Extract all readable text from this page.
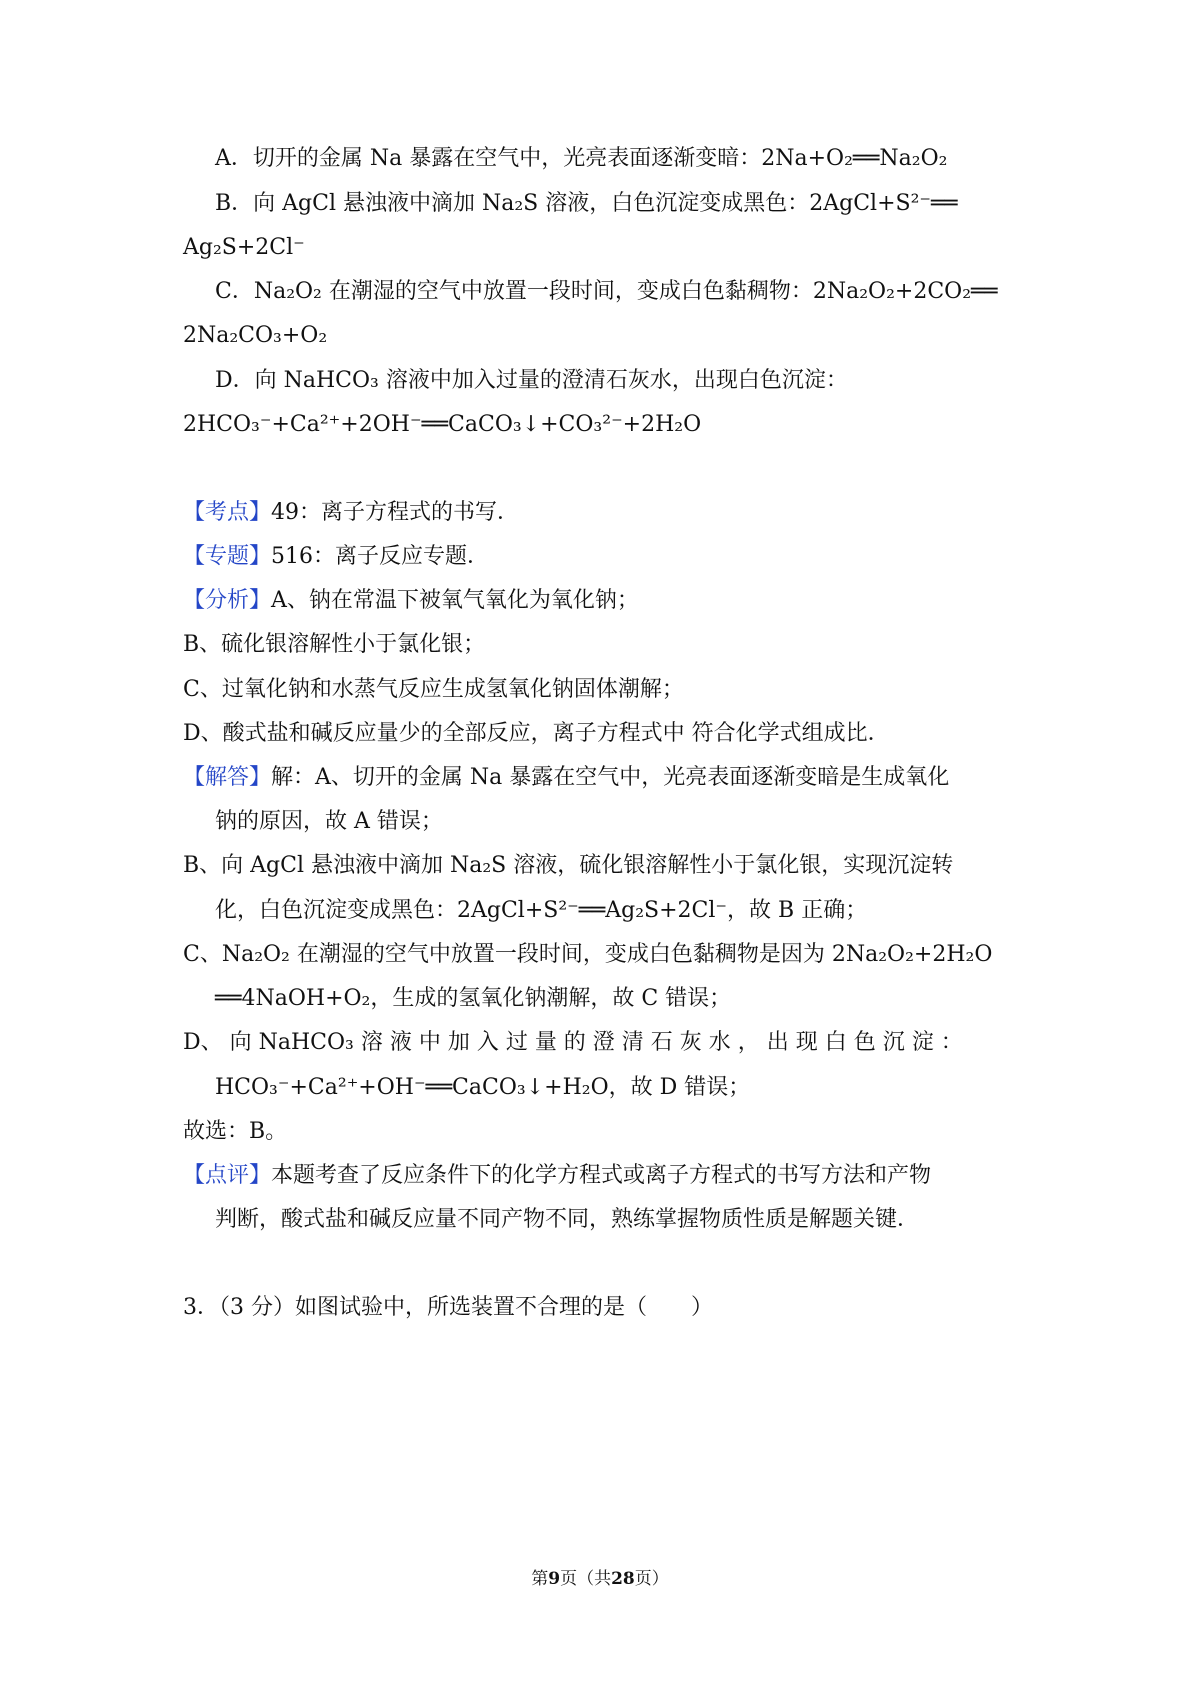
A．切开的金属 Na 暴露在空气中，光亮表面逐渐变暗：2Na+O₂══Na₂O₂
B．向 AgCl 悬浊液中滴加 Na₂S 溶液，白色沉淀变成黑色：2AgCl+S²⁻══
Ag₂S+2Cl⁻
C．Na₂O₂ 在潮湿的空气中放置一段时间，变成白色黏稠物：2Na₂O₂+2CO₂══
2Na₂CO₃+O₂
D．向 NaHCO₃ 溶液中加入过量的澄清石灰水，出现白色沉淀：
2HCO₃⁻+Ca²⁺+2OH⁻══CaCO₃↓+CO₃²⁻+2H₂O
【考点】49：离子方程式的书写．
【专题】516：离子反应专题．
【分析】A、钠在常温下被氧气氧化为氧化钠；
B、硫化银溶解性小于氯化银；
C、过氧化钠和水蒸气反应生成氢氧化钠固体潮解；
D、酸式盐和碱反应量少的全部反应，离子方程式中 符合化学式组成比．
【解答】解：A、切开的金属 Na 暴露在空气中，光亮表面逐渐变暗是生成氧化
钠的原因，故 A 错误；
B、向 AgCl 悬浊液中滴加 Na₂S 溶液，硫化银溶解性小于氯化银，实现沉淀转
化，白色沉淀变成黑色：2AgCl+S²⁻══Ag₂S+2Cl⁻，故 B 正确；
C、Na₂O₂ 在潮湿的空气中放置一段时间，变成白色黏稠物是因为 2Na₂O₂+2H₂O
══4NaOH+O₂，生成的氢氧化钠潮解，故 C 错误；
D、 向 NaHCO₃ 溶 液 中 加 入 过 量 的 澄 清 石 灰 水 ， 出 现 白 色 沉 淀 ：
HCO₃⁻+Ca²⁺+OH⁻══CaCO₃↓+H₂O，故 D 错误；
故选：B。
【点评】本题考查了反应条件下的化学方程式或离子方程式的书写方法和产物
判断，酸式盐和碱反应量不同产物不同，熟练掌握物质性质是解题关键．
3．（3 分）如图试验中，所选装置不合理的是（　　）
第9页（共28页）
